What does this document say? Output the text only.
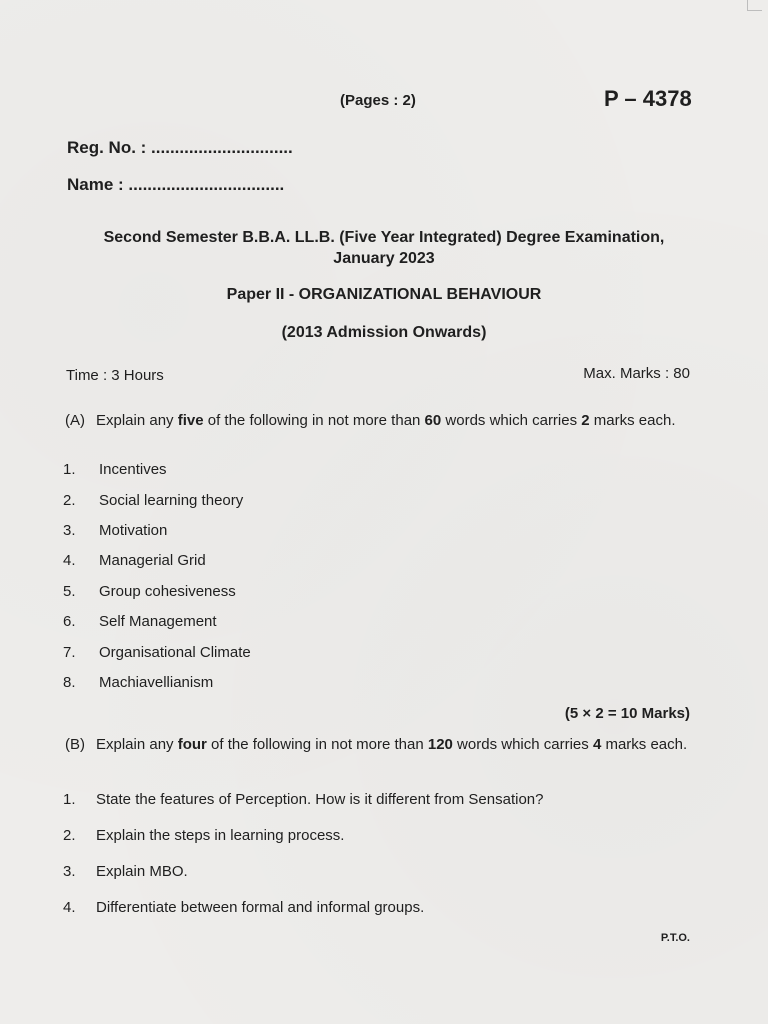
(Pages : 2)	P – 4378
Reg. No. : ..............................
Name : .................................
Second Semester B.B.A. LL.B. (Five Year Integrated) Degree Examination,
January 2023
Paper II - ORGANIZATIONAL BEHAVIOUR
(2013 Admission Onwards)
Time : 3 Hours	Max. Marks : 80
(A) Explain any five of the following in not more than 60 words which carries 2 marks each.
1. Incentives
2. Social learning theory
3. Motivation
4. Managerial Grid
5. Group cohesiveness
6. Self Management
7. Organisational Climate
8. Machiavellianism
(5 × 2 = 10 Marks)
(B) Explain any four of the following in not more than 120 words which carries 4 marks each.
1. State the features of Perception. How is it different from Sensation?
2. Explain the steps in learning process.
3. Explain MBO.
4. Differentiate between formal and informal groups.
P.T.O.
